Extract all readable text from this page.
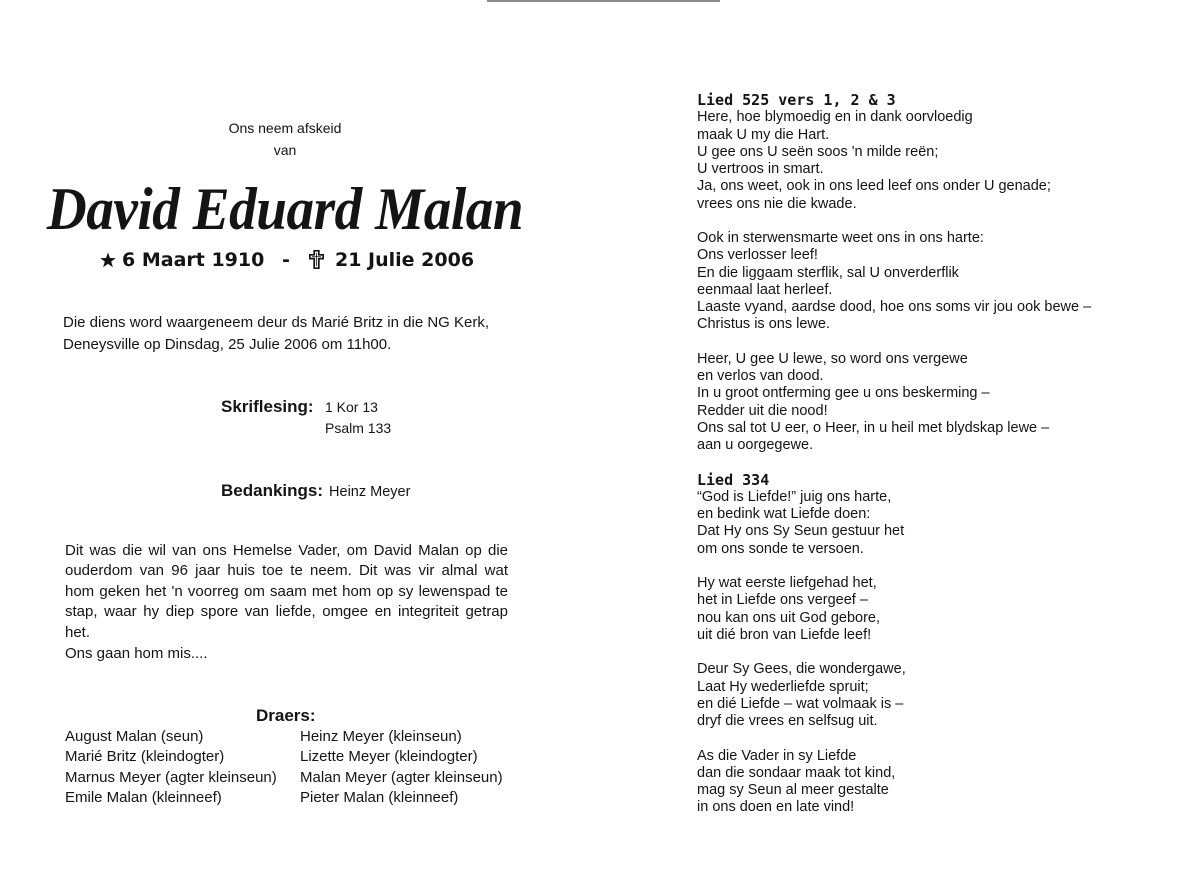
Ons neem afskeid
van
David Eduard Malan
6 Maart 1910 - 21 Julie 2006
Die diens word waargeneem deur ds Marié Britz in die NG Kerk,
Deneysville op Dinsdag, 25 Julie 2006 om 11h00.
Skriflesing: 1 Kor 13
Psalm 133
Bedankings: Heinz Meyer
Dit was die wil van ons Hemelse Vader, om David Malan op die
ouderdom van 96 jaar huis toe te neem. Dit was vir almal wat
hom geken het 'n voorreg om saam met hom op sy lewenspad te
stap, waar hy diep spore van liefde, omgee en integriteit getrap
het.
Ons gaan hom mis....
Draers:
August Malan (seun)
Marié Britz (kleindogter)
Marnus Meyer (agter kleinseun)
Emile Malan (kleinneef)
Heinz Meyer (kleinseun)
Lizette Meyer (kleindogter)
Malan Meyer (agter kleinseun)
Pieter Malan (kleinneef)
Lied 525 vers 1, 2 & 3
Here, hoe blymoedig en in dank oorvloedig
maak U my die Hart.
U gee ons U seën soos 'n milde reën;
U vertroos in smart.
Ja, ons weet, ook in ons leed leef ons onder U genade;
vrees ons nie die kwade.
Ook in sterwensmarte weet ons in ons harte:
Ons verlosser leef!
En die liggaam sterflik, sal U onverderflik
eenmaal laat herleef.
Laaste vyand, aardse dood, hoe ons soms vir jou ook bewe –
Christus is ons lewe.
Heer, U gee U lewe, so word ons vergewe
en verlos van dood.
In u groot ontferming gee u ons beskerming –
Redder uit die nood!
Ons sal tot U eer, o Heer, in u heil met blydskap lewe –
aan u oorgegewe.
Lied 334
“God is Liefde!” juig ons harte,
en bedink wat Liefde doen:
Dat Hy ons Sy Seun gestuur het
om ons sonde te versoen.
Hy wat eerste liefgehad het,
het in Liefde ons vergeef –
nou kan ons uit God gebore,
uit dié bron van Liefde leef!
Deur Sy Gees, die wondergawe,
Laat Hy wederliefde spruit;
en dié Liefde – wat volmaak is –
dryf die vrees en selfsug uit.
As die Vader in sy Liefde
dan die sondaar maak tot kind,
mag sy Seun al meer gestalte
in ons doen en late vind!
